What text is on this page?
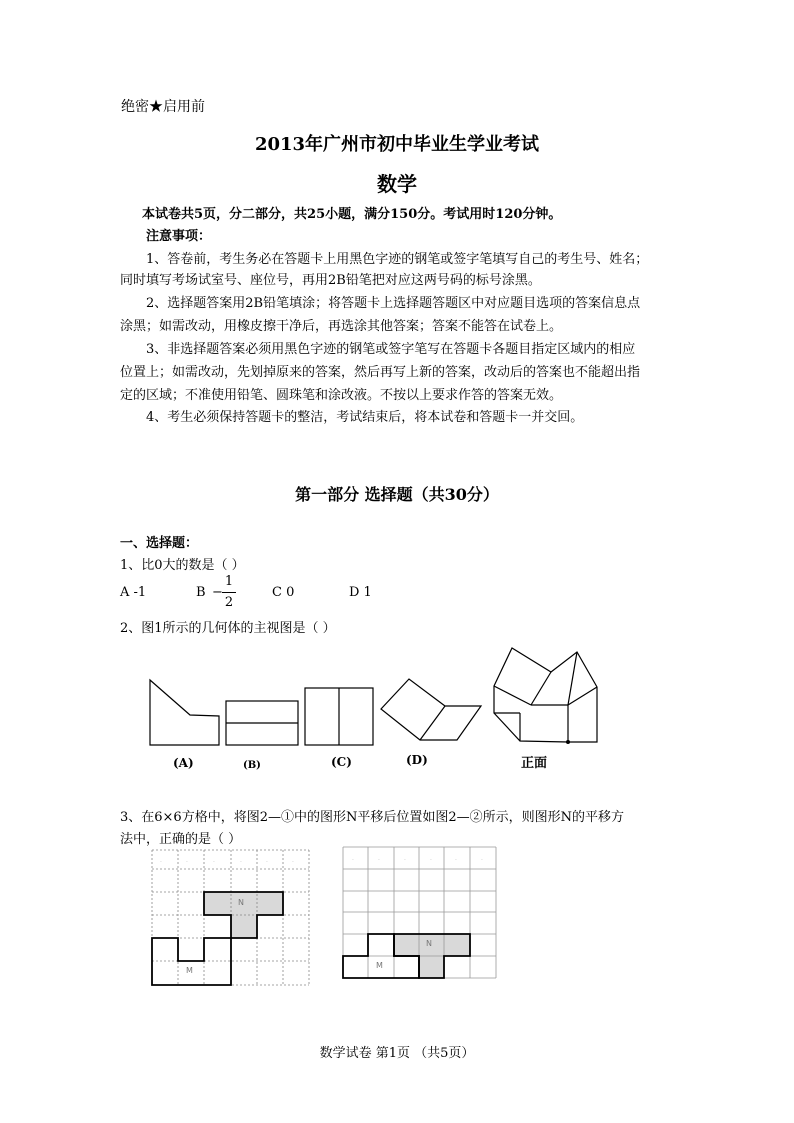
绝密★启用前
2013年广州市初中毕业生学业考试
数学
本试卷共5页，分二部分，共25小题，满分150分。考试用时120分钟。
注意事项：
1、答卷前，考生务必在答题卡上用黑色字迹的钢笔或签字笔填写自己的考生号、姓名；
同时填写考场试室号、座位号，再用2B铅笔把对应这两号码的标号涂黑。
2、选择题答案用2B铅笔填涂；将答题卡上选择题答题区中对应题目选项的答案信息点
涂黑；如需改动，用橡皮擦干净后，再选涂其他答案；答案不能答在试卷上。
3、非选择题答案必须用黑色字迹的钢笔或签字笔写在答题卡各题目指定区域内的相应
位置上；如需改动，先划掉原来的答案，然后再写上新的答案，改动后的答案也不能超出指
定的区域；不准使用铅笔、圆珠笔和涂改液。不按以上要求作答的答案无效。
4、考生必须保持答题卡的整洁，考试结束后，将本试卷和答题卡一并交回。
第一部分 选择题（共30分）
一、选择题：
1、比0大的数是（ ）
A -1	B −
1
2
C 0	D 1
2、图1所示的几何体的主视图是（ ）
(A)	(B)	(C)	(D)	正面
3、在6×6方格中，将图2—①中的图形N平移后位置如图2—②所示，则图形N的平移方
法中，正确的是（ ）
·	·	·	·	·	·	·	·	·	·	·	·
N
M
N
M
数学试卷 第1页 （共5页）
